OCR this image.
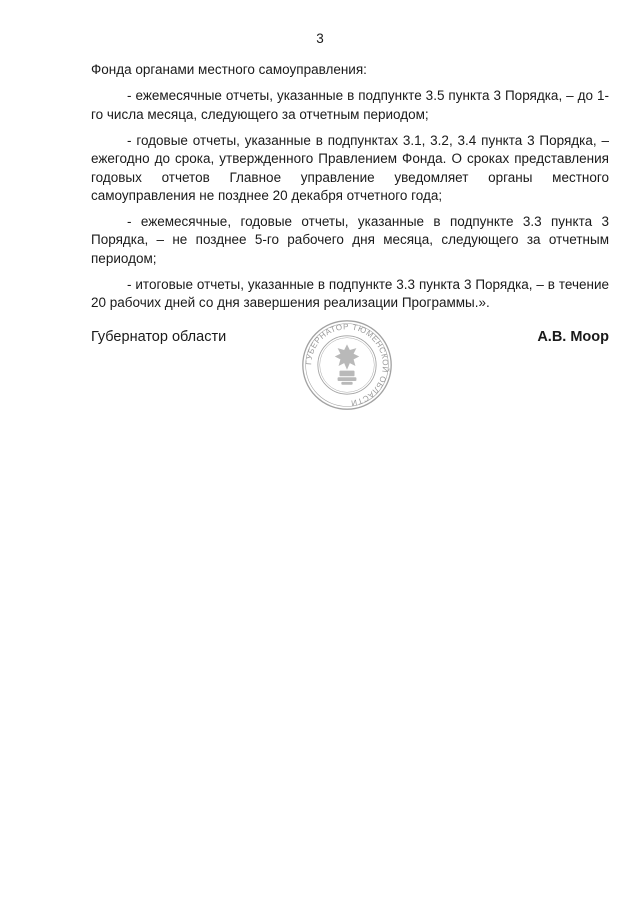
3

Фонда органами местного самоуправления:

- ежемесячные отчеты, указанные в подпункте 3.5 пункта 3 Порядка, – до 1-го числа месяца, следующего за отчетным периодом;

- годовые отчеты, указанные в подпунктах 3.1, 3.2, 3.4 пункта 3 Порядка, – ежегодно до срока, утвержденного Правлением Фонда. О сроках представления годовых отчетов Главное управление уведомляет органы местного самоуправления не позднее 20 декабря отчетного года;

- ежемесячные, годовые отчеты, указанные в подпункте 3.3 пункта 3 Порядка, – не позднее 5-го рабочего дня месяца, следующего за отчетным периодом;

- итоговые отчеты, указанные в подпункте 3.3 пункта 3 Порядка, – в течение 20 рабочих дней со дня завершения реализации Программы.».

Губернатор области	А.В. Моор
ГУБЕРНАТОР ТЮМЕНСКОЙ ОБЛАСТИ
